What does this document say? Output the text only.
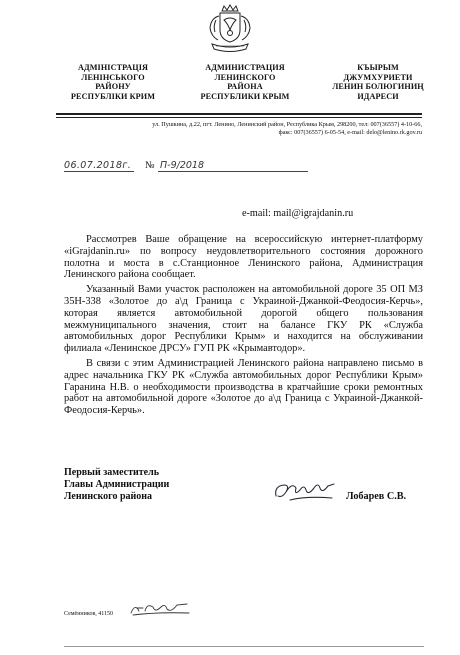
АДМІНІСТРАЦІЯ
ЛЕНІНСЬКОГО
РАЙОНУ
РЕСПУБЛІКИ КРИМ
АДМИНИСТРАЦИЯ
ЛЕНИНСКОГО
РАЙОНА
РЕСПУБЛИКИ КРЫМ
КЪЫРЫМ
ДЖУМХУРИЕТИ
ЛЕНИН БОЛЮГИНИҢ
ИДАРЕСИ
ул. Пушкина, д.22, пгт. Ленино, Ленинский район, Республика Крым, 298200, тел: 007(36557) 4-10-66,
факс: 007(36557) 6-05-54, e-mail: delo@lenino.rk.gov.ru
06.07.2018г. № П-9/2018
e-mail: mail@igrajdanin.ru

Рассмотрев Ваше обращение на всероссийскую интернет-платформу «iGrajdanin.ru» по вопросу неудовлетворительного состояния дорожного полотна и моста в с.Станционное Ленинского района, Администрация Ленинского района сообщает.

Указанный Вами участок расположен на автомобильной дороге 35 ОП МЗ 35Н-338 «Золотое до а\д Граница с Украиной-Джанкой-Феодосия-Керчь», которая является автомобильной дорогой общего пользования межмуниципального значения, стоит на балансе ГКУ РК «Служба автомобильных дорог Республики Крым» и находится на обслуживании филиала «Ленинское ДРСУ» ГУП РК «Крымавтодор».

В связи с этим Администрацией Ленинского района направлено письмо в адрес начальника ГКУ РК «Служба автомобильных дорог Республики Крым» Гаранина Н.В. о необходимости производства в кратчайшие сроки ремонтных работ на автомобильной дороге «Золотое до а\д Граница с Украиной-Джанкой-Феодосия-Керчь».

Первый заместитель
Главы Администрации
Ленинского района	Лобарев С.В.
Семёнников, 41150
